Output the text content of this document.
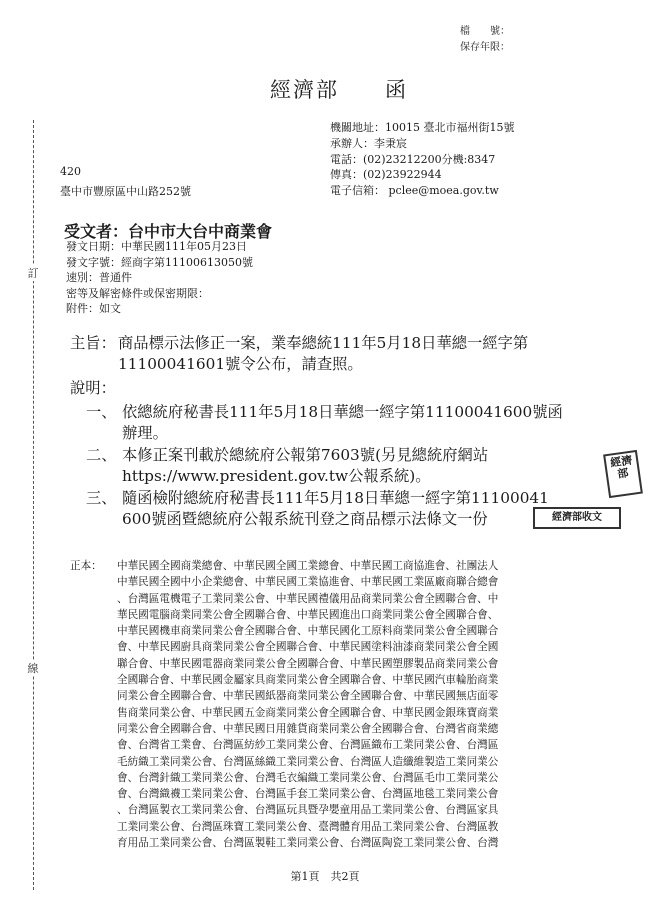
訂
線
檔　　號：
保存年限：
經濟部　　函
機關地址：10015 臺北市福州街15號
承辦人：李秉宸
電話：(02)23212200分機:8347
傳真：(02)23922944
電子信箱： pclee@moea.gov.tw
420
臺中市豐原區中山路252號
受文者：台中市大台中商業會
發文日期：中華民國111年05月23日
發文字號：經商字第11100613050號
速別：普通件
密等及解密條件或保密期限：
附件：如文
主旨： 商品標示法修正一案，業奉總統111年5月18日華總一經字第
11100041601號令公布，請查照。
說明：
一、 依總統府秘書長111年5月18日華總一經字第11100041600號函
辦理。
二、 本修正案刊載於總統府公報第7603號(另見總統府網站
https://www.president.gov.tw公報系統)。
三、 隨函檢附總統府秘書長111年5月18日華總一經字第11100041
600號函暨總統府公報系統刊登之商品標示法條文一份
經濟部
經濟部收文
正本： 中華民國全國商業總會、中華民國全國工業總會、中華民國工商協進會、社團法人
中華民國全國中小企業總會、中華民國工業協進會、中華民國工業區廠商聯合總會
、台灣區電機電子工業同業公會、中華民國禮儀用品商業同業公會全國聯合會、中
華民國電腦商業同業公會全國聯合會、中華民國進出口商業同業公會全國聯合會、
中華民國機車商業同業公會全國聯合會、中華民國化工原料商業同業公會全國聯合
會、中華民國廚具商業同業公會全國聯合會、中華民國塗料油漆商業同業公會全國
聯合會、中華民國電器商業同業公會全國聯合會、中華民國塑膠製品商業同業公會
全國聯合會、中華民國金屬家具商業同業公會全國聯合會、中華民國汽車輪胎商業
同業公會全國聯合會、中華民國紙器商業同業公會全國聯合會、中華民國無店面零
售商業同業公會、中華民國五金商業同業公會全國聯合會、中華民國金銀珠寶商業
同業公會全國聯合會、中華民國日用雜貨商業同業公會全國聯合會、台灣省商業總
會、台灣省工業會、台灣區紡紗工業同業公會、台灣區織布工業同業公會、台灣區
毛紡織工業同業公會、台灣區絲織工業同業公會、台灣區人造纖維製造工業同業公
會、台灣針織工業同業公會、台灣毛衣編織工業同業公會、台灣區毛巾工業同業公
會、台灣織襪工業同業公會、台灣區手套工業同業公會、台灣區地毯工業同業公會
、台灣區製衣工業同業公會、台灣區玩具暨孕嬰童用品工業同業公會、台灣區家具
工業同業公會、台灣區珠寶工業同業公會、臺灣體育用品工業同業公會、台灣區教
育用品工業同業公會、台灣區製鞋工業同業公會、台灣區陶瓷工業同業公會、台灣
第1頁　共2頁
